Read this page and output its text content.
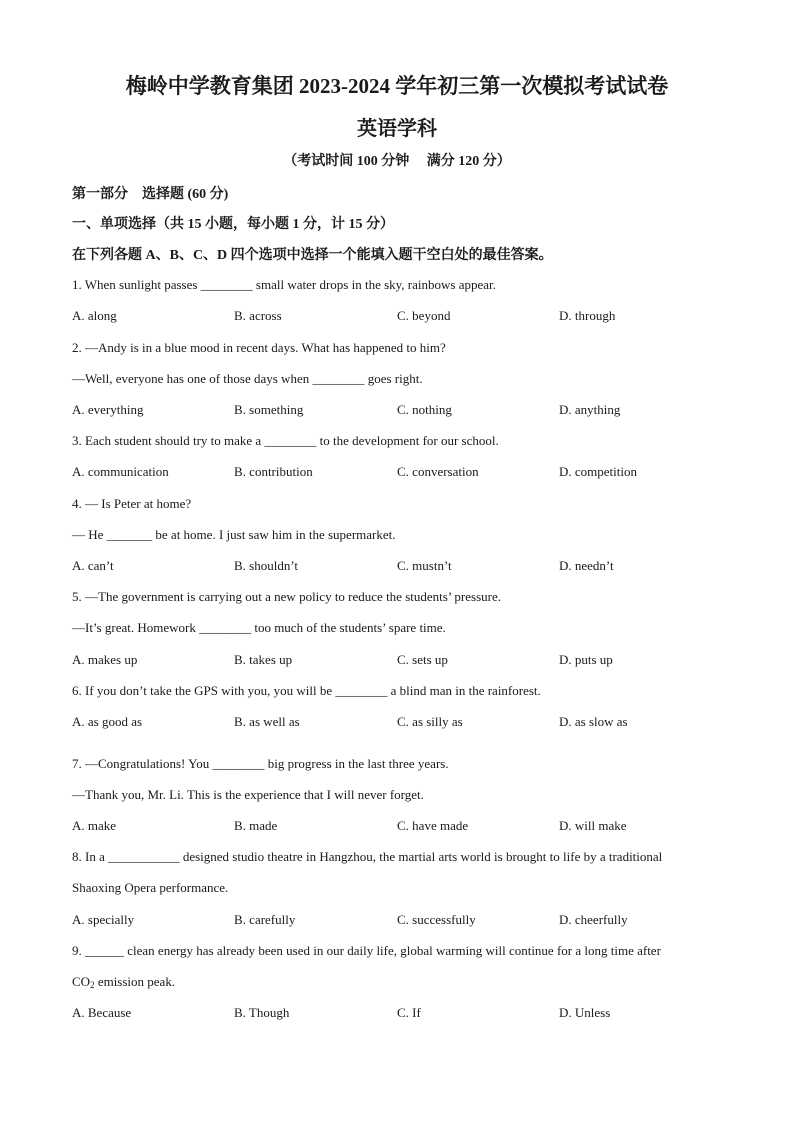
梅岭中学教育集团 2023-2024 学年初三第一次模拟考试试卷
英语学科
（考试时间 100 分钟　 满分 120 分）
第一部分　选择题 (60 分)
一、单项选择（共 15 小题，每小题 1 分，计 15 分）
在下列各题 A、B、C、D 四个选项中选择一个能填入题干空白处的最佳答案。
1. When sunlight passes ________ small water drops in the sky, rainbows appear.
A. along	B. across	C. beyond	D. through
2. —Andy is in a blue mood in recent days. What has happened to him?
—Well, everyone has one of those days when ________ goes right.
A. everything	B. something	C. nothing	D. anything
3. Each student should try to make a ________ to the development for our school.
A. communication	B. contribution	C. conversation	D. competition
4. — Is Peter at home?
— He _______ be at home. I just saw him in the supermarket.
A. can’t	B. shouldn’t	C. mustn’t	D. needn’t
5. —The government is carrying out a new policy to reduce the students’ pressure.
—It’s great. Homework ________ too much of the students’ spare time.
A. makes up	B. takes up	C. sets up	D. puts up
6. If you don’t take the GPS with you, you will be ________ a blind man in the rainforest.
A. as good as	B. as well as	C. as silly as	D. as slow as
7. —Congratulations! You ________ big progress in the last three years.
—Thank you, Mr. Li. This is the experience that I will never forget.
A. make	B. made	C. have made	D. will make
8. In a ___________ designed studio theatre in Hangzhou, the martial arts world is brought to life by a traditional
Shaoxing Opera performance.
A. specially	B. carefully	C. successfully	D. cheerfully
9. ______ clean energy has already been used in our daily life, global warming will continue for a long time after
$CO_2$ emission peak.
A. Because	B. Though	C. If	D. Unless
